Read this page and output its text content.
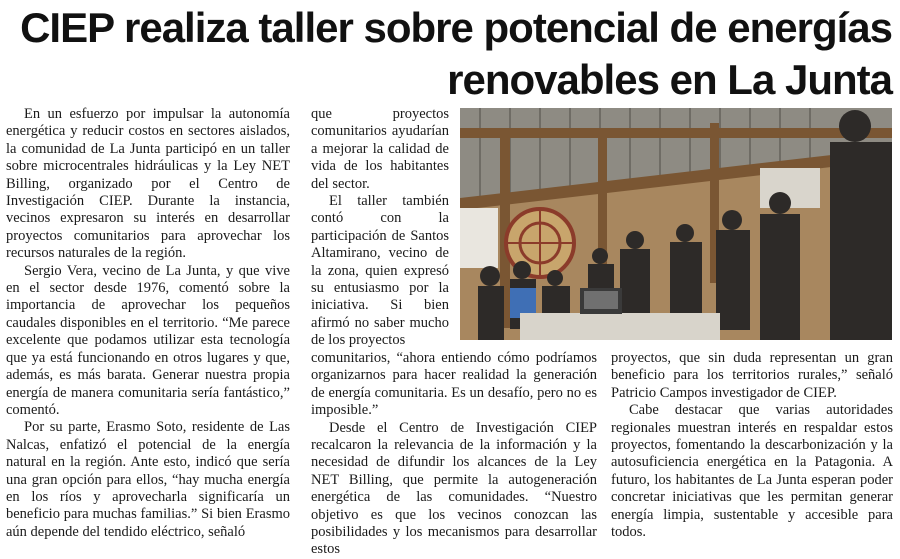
CIEP realiza taller sobre potencial de energías renovables en La Junta

En un esfuerzo por impulsar la autonomía energética y reducir costos en sectores aislados, la comunidad de La Junta participó en un taller sobre microcentrales hidráulicas y la Ley NET Billing, organizado por el Centro de Investigación CIEP. Durante la instancia, vecinos expresaron su interés en desarrollar proyectos comunitarios para aprovechar los recursos naturales de la región.

Sergio Vera, vecino de La Junta, y que vive en el sector desde 1976, comentó sobre la importancia de aprovechar los pequeños caudales disponibles en el territorio. “Me parece excelente que podamos utilizar esta tecnología que ya está funcionando en otros lugares y que, además, es más barata. Generar nuestra propia energía de manera comunitaria sería fantástico,” comentó.

Por su parte, Erasmo Soto, residente de Las Nalcas, enfatizó el potencial de la energía natural en la región. Ante esto, indicó que sería una gran opción para ellos, “hay mucha energía en los ríos y aprovecharla significaría un beneficio para muchas familias.” Si bien Erasmo aún depende del tendido eléctrico, señaló

que proyectos comunitarios ayudarían a mejorar la calidad de vida de los habitantes del sector.

El taller también contó con la participación de Santos Altamirano, vecino de la zona, quien expresó su entusiasmo por la iniciativa. Si bien afirmó no saber mucho de los proyectos

comunitarios, “ahora entiendo cómo podríamos organizarnos para hacer realidad la generación de energía comunitaria. Es un desafío, pero no es imposible.”

Desde el Centro de Investigación CIEP recalcaron la relevancia de la información y la necesidad de difundir los alcances de la Ley NET Billing, que permite la autogeneración energética de las comunidades. “Nuestro objetivo es que los vecinos conozcan las posibilidades y los mecanismos para desarrollar estos

proyectos, que sin duda representan un gran beneficio para los territorios rurales,” señaló Patricio Campos investigador de CIEP.

Cabe destacar que varias autoridades regionales muestran interés en respaldar estos proyectos, fomentando la descarbonización y la autosuficiencia energética en la Patagonia. A futuro, los habitantes de La Junta esperan poder concretar iniciativas que les permitan generar energía limpia, sustentable y accesible para todos.
